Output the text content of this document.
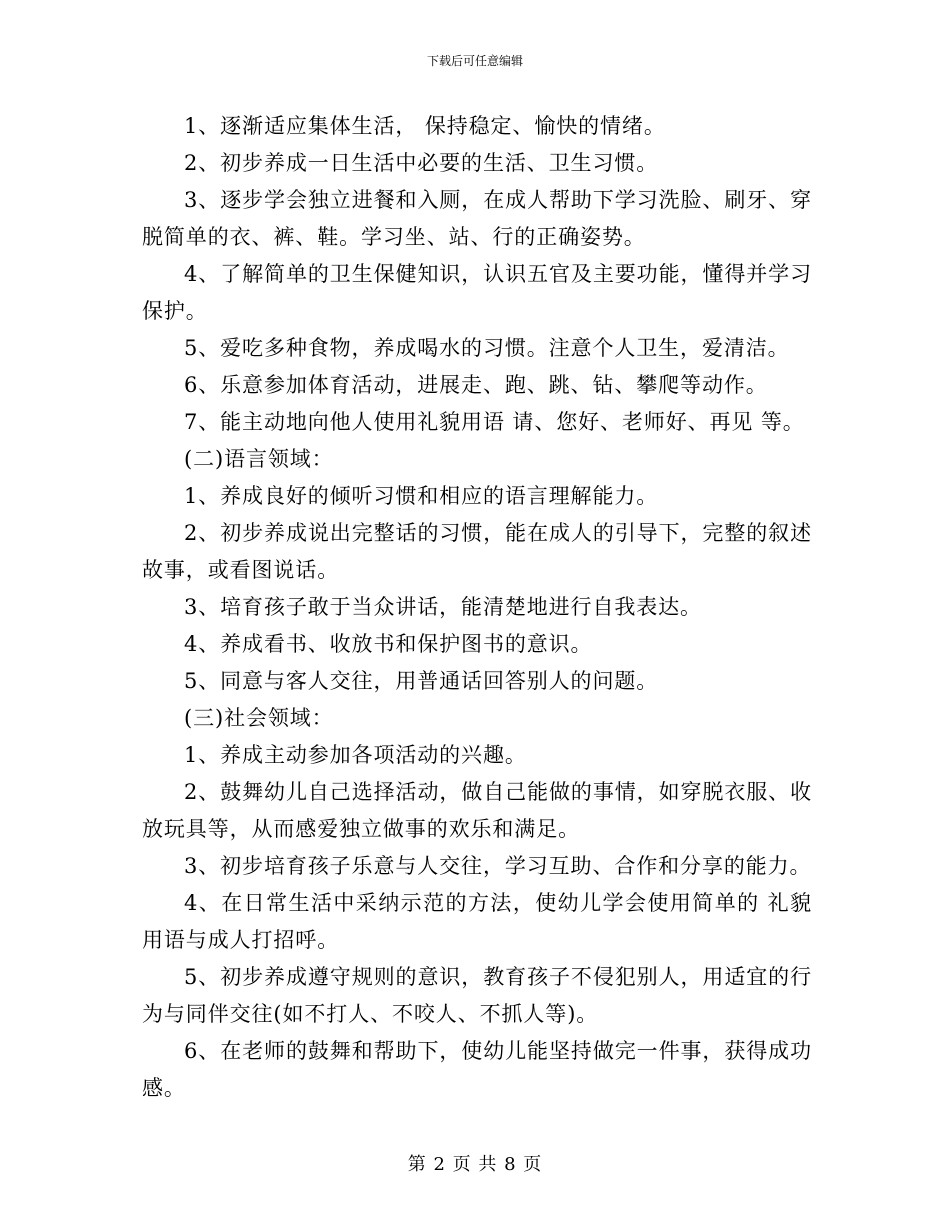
下载后可任意编辑

1、逐渐适应集体生活， 保持稳定、愉快的情绪。

2、初步养成一日生活中必要的生活、卫生习惯。

3、逐步学会独立进餐和入厕，在成人帮助下学习洗脸、刷牙、穿脱简单的衣、裤、鞋。学习坐、站、行的正确姿势。

4、了解简单的卫生保健知识，认识五官及主要功能，懂得并学习保护。

5、爱吃多种食物，养成喝水的习惯。注意个人卫生，爱清洁。

6、乐意参加体育活动，进展走、跑、跳、钻、攀爬等动作。

7、能主动地向他人使用礼貌用语 请、您好、老师好、再见 等。

(二)语言领域：

1、养成良好的倾听习惯和相应的语言理解能力。

2、初步养成说出完整话的习惯，能在成人的引导下，完整的叙述故事，或看图说话。

3、培育孩子敢于当众讲话，能清楚地进行自我表达。

4、养成看书、收放书和保护图书的意识。

5、同意与客人交往，用普通话回答别人的问题。

(三)社会领域：

1、养成主动参加各项活动的兴趣。

2、鼓舞幼儿自己选择活动，做自己能做的事情，如穿脱衣服、收放玩具等，从而感爱独立做事的欢乐和满足。

3、初步培育孩子乐意与人交往，学习互助、合作和分享的能力。

4、在日常生活中采纳示范的方法，使幼儿学会使用简单的 礼貌用语与成人打招呼。

5、初步养成遵守规则的意识，教育孩子不侵犯别人，用适宜的行为与同伴交往(如不打人、不咬人、不抓人等)。

6、在老师的鼓舞和帮助下，使幼儿能坚持做完一件事，获得成功感。

第 2 页 共 8 页
